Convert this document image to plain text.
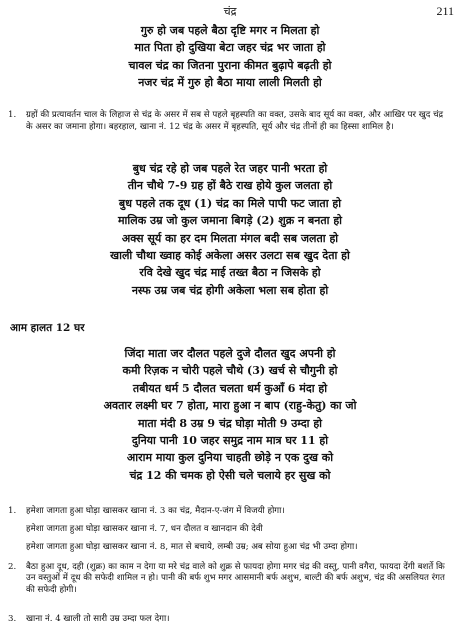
चंद्र	211
गुरु हो जब पहले बैठा दृष्टि मगर न मिलता हो
मात पिता हो दुखिया बेटा जहर चंद्र भर जाता हो
चावल चंद्र का जितना पुराना कीमत बुढ़ापे बढ़ती हो
नजर चंद्र में गुरु हो बैठा माया लाली मिलती हो
1. ग्रहों की प्रत्यावर्तन चाल के लिहाज से चंद्र के असर में सब से पहले बृहस्पति का वक्त, उसके बाद सूर्य का वक्त, और आखिर पर खुद चंद्र के असर का जमाना होगा। बहरहाल, खाना नं. 12 चंद्र के असर में बृहस्पति, सूर्य और चंद्र तीनों ही का हिस्सा शामिल है।
बुध चंद्र रहे हो जब पहले रेत जहर पानी भरता हो
तीन चौथे 7-9 ग्रह हों बैठे राख होये कुल जलता हो
बुध पहले तक दूध (1) चंद्र का मिले पापी फट जाता हो
मालिक उम्र जो कुल जमाना बिगड़े (2) शुक्र न बनता हो
अक्स सूर्य का हर दम मिलता मंगल बदी सब जलता हो
खाली चौथा ख्वाह कोई अकेला असर उलटा सब खुद देता हो
रवि देखे खुद चंद्र माई तख्त बैठा न जिसके हो
नस्फ उम्र जब चंद्र होगी अकेला भला सब होता हो
आम हालत 12 घर
जिंदा माता जर दौलत पहले दुजे दौलत खुद अपनी हो
कमी रिज़क न चोरी पहले चौथे (3) खर्च से चौगुनी हो
तबीयत धर्म 5 दौलत चलता धर्म कुआँ 6 मंदा हो
अवतार लक्ष्मी घर 7 होता, मारा हुआ न बाप (राहु-केतु) का जो
माता मंदी 8 उम्र 9 चंद्र घोड़ा मोती 9 उम्दा हो
दुनिया पानी 10 जहर समुद्र नाम मात्र घर 11 हो
आराम माया कुल दुनिया चाहती छोड़े न एक दुख को
चंद्र 12 की चमक हो ऐसी चले चलाये हर सुख को
1. हमेशा जागता हुआ घोड़ा खासकर खाना नं. 3 का चंद्र, मैदान-ए-जंग में विजयी होगा।
हमेशा जागता हुआ घोड़ा खासकर खाना नं. 7, धन दौलत व खानदान की देवी
हमेशा जागता हुआ घोड़ा खासकर खाना नं. 8, मात से बचाये, लम्बी उम्र; अब सोया हुआ चंद्र भी उम्दा होगा।
2. बैठा हुआ दूध, दही (शुक्र) का काम न देगा या मरे चंद्र वाले को शुक्र से फायदा होगा मगर चंद्र की वस्तु, पानी वगैरा, फायदा देंगी बशर्ते कि उन वस्तुओं में दूध की सफेदी शामिल न हो। पानी की बर्फ शुभ मगर आसमानी बर्फ अशुभ, बाल्टी की बर्फ अशुभ, चंद्र की असलियत रंगत की सफेदी होगी।
3. खाना नं. 4 खाली तो सारी उम्र उम्दा फल देगा।
